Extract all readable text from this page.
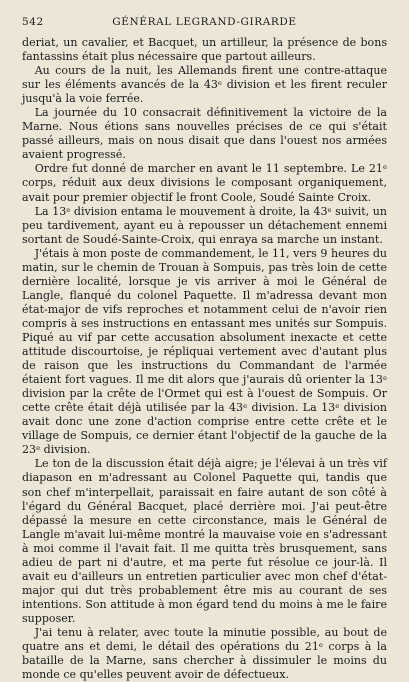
542	GÉNÉRAL LEGRAND-GIRARDE

deriat, un cavalier, et Bacquet, un artilleur, la présence de bons fantassins était plus nécessaire que partout ailleurs.

Au cours de la nuit, les Allemands firent une contre-attaque sur les éléments avancés de la 43e division et les firent reculer jusqu'à la voie ferrée.

La journée du 10 consacrait définitivement la victoire de la Marne. Nous étions sans nouvelles précises de ce qui s'était passé ailleurs, mais on nous disait que dans l'ouest nos armées avaient progressé.

Ordre fut donné de marcher en avant le 11 septembre. Le 21e corps, réduit aux deux divisions le composant organiquement, avait pour premier objectif le front Coole, Soudé Sainte Croix.

La 13e division entama le mouvement à droite, la 43e suivit, un peu tardivement, ayant eu à repousser un détachement ennemi sortant de Soudé-Sainte-Croix, qui enraya sa marche un instant.

J'étais à mon poste de commandement, le 11, vers 9 heures du matin, sur le chemin de Trouan à Sompuis, pas très loin de cette dernière localité, lorsque je vis arriver à moi le Général de Langle, flanqué du colonel Paquette. Il m'adressa devant mon état-major de vifs reproches et notamment celui de n'avoir rien compris à ses instructions en entassant mes unités sur Sompuis. Piqué au vif par cette accusation absolument inexacte et cette attitude discourtoise, je répliquai vertement avec d'autant plus de raison que les instructions du Commandant de l'armée étaient fort vagues. Il me dit alors que j'aurais dû orienter la 13e division par la crête de l'Ormet qui est à l'ouest de Sompuis. Or cette crête était déjà utilisée par la 43e division. La 13e division avait donc une zone d'action comprise entre cette crête et le village de Sompuis, ce dernier étant l'objectif de la gauche de la 23e division.

Le ton de la discussion était déjà aigre; je l'élevai à un très vif diapason en m'adressant au Colonel Paquette qui, tandis que son chef m'interpellait, paraissait en faire autant de son côté à l'égard du Général Bacquet, placé derrière moi. J'ai peut-être dépassé la mesure en cette circonstance, mais le Général de Langle m'avait lui-même montré la mauvaise voie en s'adressant à moi comme il l'avait fait. Il me quitta très brusquement, sans adieu de part ni d'autre, et ma perte fut résolue ce jour-là. Il avait eu d'ailleurs un entretien particulier avec mon chef d'état-major qui dut très probablement être mis au courant de ses intentions. Son attitude à mon égard tend du moins à me le faire supposer.

J'ai tenu à relater, avec toute la minutie possible, au bout de quatre ans et demi, le détail des opérations du 21e corps à la bataille de la Marne, sans chercher à dissimuler le moins du monde ce qu'elles peuvent avoir de défectueux.
